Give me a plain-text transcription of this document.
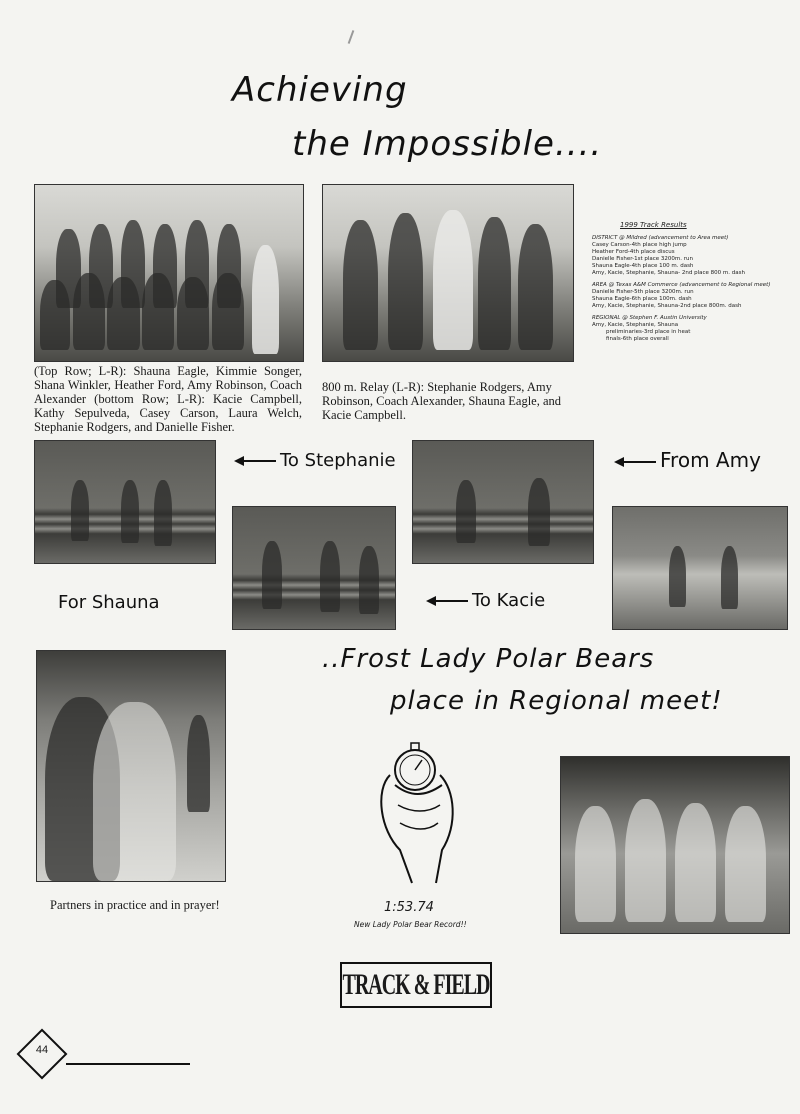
Achieving
the Impossible....
(Top Row; L-R): Shauna Eagle, Kimmie Songer, Shana Winkler, Heather Ford, Amy Robinson, Coach Alexander (bottom Row; L-R): Kacie Campbell, Kathy Sepulveda, Casey Carson, Laura Welch, Stephanie Rodgers, and Danielle Fisher.
800 m. Relay (L-R): Stephanie Rodgers, Amy Robinson, Coach Alexander, Shauna Eagle, and Kacie Campbell.
1999 Track Results
DISTRICT @ Mildred (advancement to Area meet)
Casey Carson-4th place high jump
Heather Ford-4th place discus
Danielle Fisher-1st place 3200m. run
Shauna Eagle-4th place 100 m. dash
Amy, Kacie, Stephanie, Shauna- 2nd place 800 m. dash
AREA @ Texas A&M Commerce (advancement to Regional meet)
Danielle Fisher-5th place 3200m. run
Shauna Eagle-6th place 100m. dash
Amy, Kacie, Stephanie, Shauna-2nd place 800m. dash
REGIONAL @ Stephen F. Austin University
Amy, Kacie, Stephanie, Shauna
preliminaries-3rd place in heat
finals-6th place overall
To Stephanie	From Amy
For Shauna	To Kacie
..Frost Lady Polar Bears
place in Regional meet!
Partners in practice and in prayer!	1:53.74
New Lady Polar Bear Record!!
TRACK & FIELD
44
